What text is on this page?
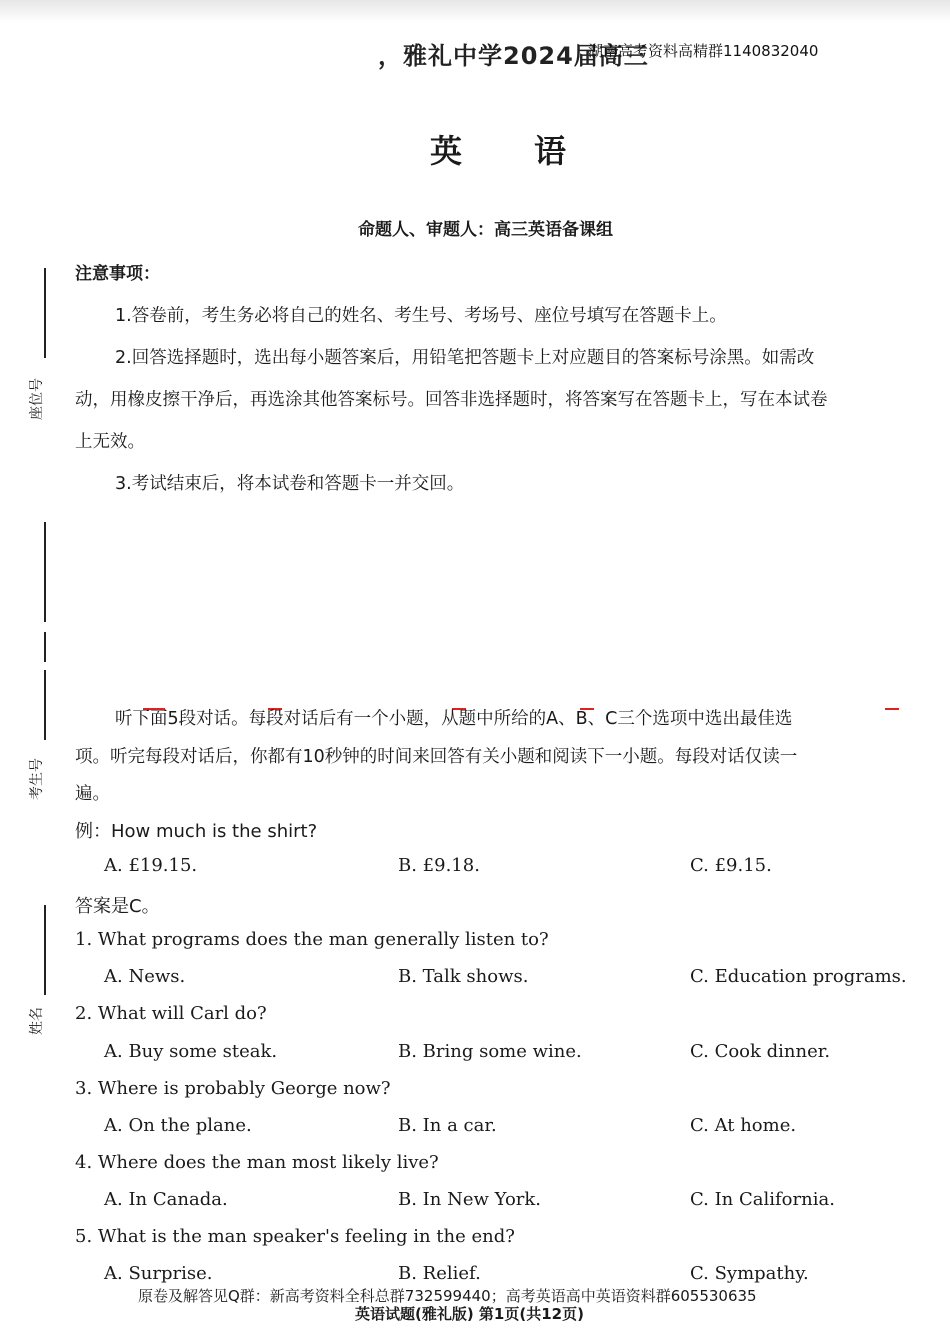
，雅礼中学2024届高三
湖南高考资料高精群1140832040
英语
命题人、审题人：高三英语备课组
注意事项：
1.答卷前，考生务必将自己的姓名、考生号、考场号、座位号填写在答题卡上。
2.回答选择题时，选出每小题答案后，用铅笔把答题卡上对应题目的答案标号涂黑。如需改
动，用橡皮擦干净后，再选涂其他答案标号。回答非选择题时，将答案写在答题卡上，写在本试卷
上无效。
3.考试结束后，将本试卷和答题卡一并交回。
座位号
考生号
姓名
听下面5段对话。每段对话后有一个小题，从题中所给的A、B、C三个选项中选出最佳选
项。听完每段对话后，你都有10秒钟的时间来回答有关小题和阅读下一小题。每段对话仅读一
遍。
例：How much is the shirt?
A. £19.15.	B. £9.18.	C. £9.15.
答案是C。
1. What programs does the man generally listen to?
A. News.	B. Talk shows.	C. Education programs.
2. What will Carl do?
A. Buy some steak.	B. Bring some wine.	C. Cook dinner.
3. Where is probably George now?
A. On the plane.	B. In a car.	C. At home.
4. Where does the man most likely live?
A. In Canada.	B. In New York.	C. In California.
5. What is the man speaker's feeling in the end?
A. Surprise.	B. Relief.	C. Sympathy.
原卷及解答见Q群：新高考资料全科总群732599440；高考英语高中英语资料群605530635
英语试题(雅礼版) 第1页(共12页)
